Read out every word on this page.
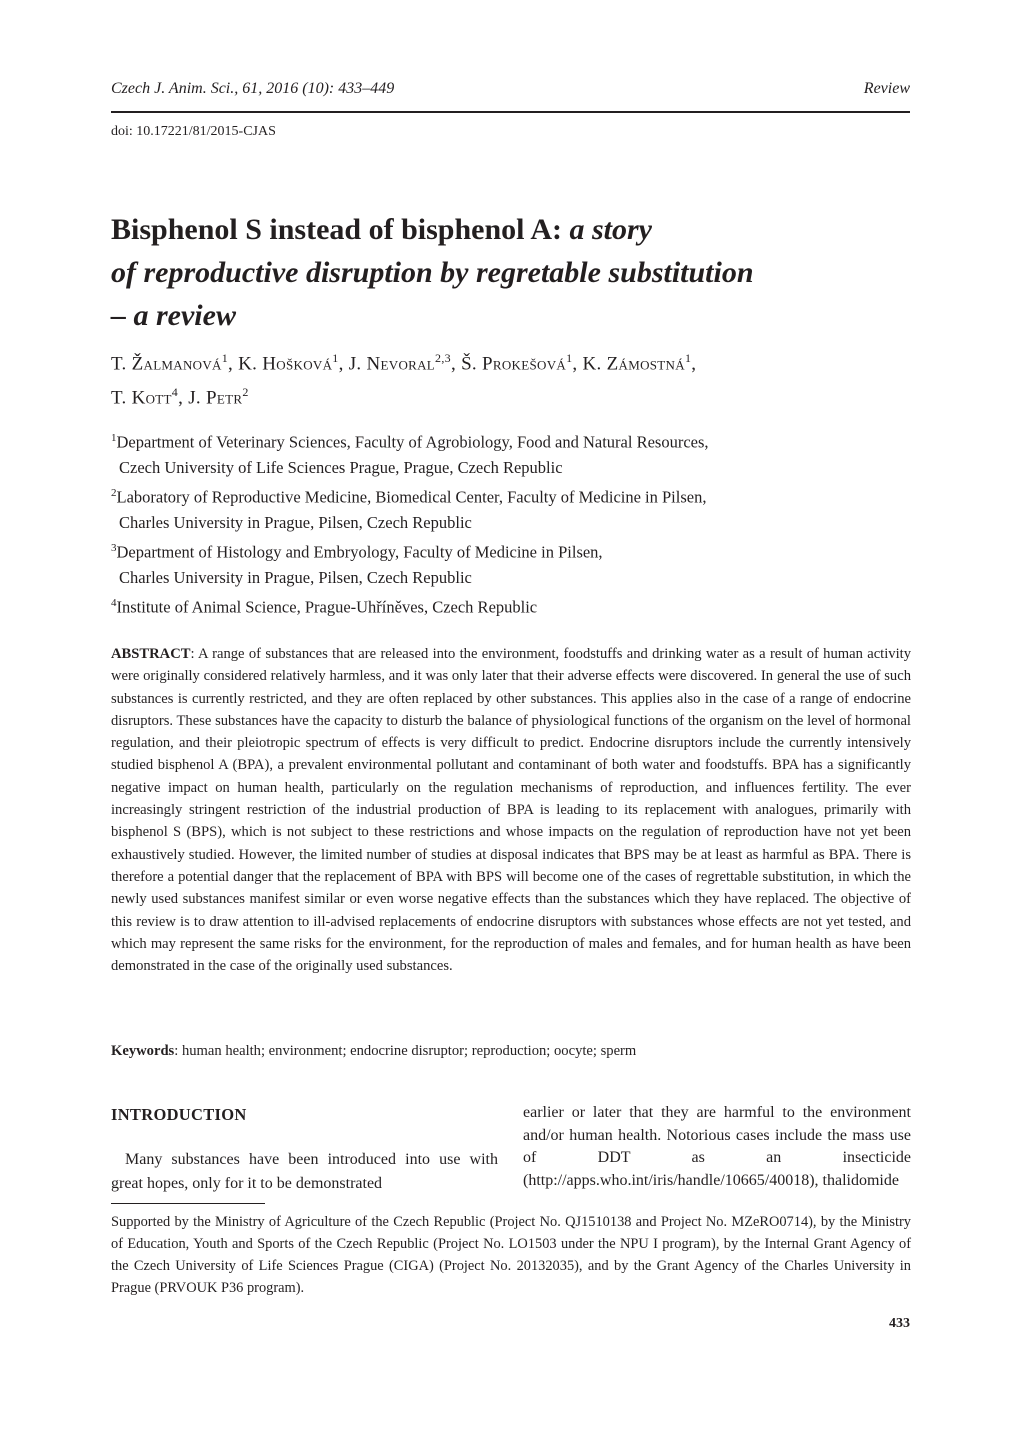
Czech J. Anim. Sci., 61, 2016 (10): 433–449	Review
doi: 10.17221/81/2015-CJAS
Bisphenol S instead of bisphenol A: a story
of reproductive disruption by regretable substitution
– a review
T. Žalmanová$^1$, K. Hošková$^1$, J. Nevoral$^{2,3}$, Š. Prokešová$^1$, K. Zámostná$^1$,
T. Kott$^4$, J. Petr$^2$
$^1$Department of Veterinary Sciences, Faculty of Agrobiology, Food and Natural Resources,
Czech University of Life Sciences Prague, Prague, Czech Republic
$^2$Laboratory of Reproductive Medicine, Biomedical Center, Faculty of Medicine in Pilsen,
Charles University in Prague, Pilsen, Czech Republic
$^3$Department of Histology and Embryology, Faculty of Medicine in Pilsen,
Charles University in Prague, Pilsen, Czech Republic
$^4$Institute of Animal Science, Prague-Uhříněves, Czech Republic
ABSTRACT: A range of substances that are released into the environment, foodstuffs and drinking water as a result of human activity were originally considered relatively harmless, and it was only later that their adverse effects were discovered. In general the use of such substances is currently restricted, and they are often replaced by other substances. This applies also in the case of a range of endocrine disruptors. These substances have the capacity to disturb the balance of physiological functions of the organism on the level of hormonal regulation, and their pleiotropic spectrum of effects is very difficult to predict. Endocrine disruptors include the currently intensively studied bisphenol A (BPA), a prevalent environmental pollutant and contaminant of both water and foodstuffs. BPA has a significantly negative impact on human health, particularly on the regulation mechanisms of reproduction, and influences fertility. The ever increasingly stringent restriction of the industrial production of BPA is leading to its replacement with analogues, primarily with bisphenol S (BPS), which is not subject to these restrictions and whose impacts on the regulation of reproduction have not yet been exhaustively studied. However, the limited number of studies at disposal indicates that BPS may be at least as harmful as BPA. There is therefore a potential danger that the replacement of BPA with BPS will become one of the cases of regrettable substitution, in which the newly used substances manifest similar or even worse negative effects than the substances which they have replaced. The objective of this review is to draw attention to ill-advised replacements of endocrine disruptors with substances whose effects are not yet tested, and which may represent the same risks for the environment, for the reproduction of males and females, and for human health as have been demonstrated in the case of the originally used substances.
Keywords: human health; environment; endocrine disruptor; reproduction; oocyte; sperm
INTRODUCTION

Many substances have been introduced into use with great hopes, only for it to be demonstrated

earlier or later that they are harmful to the environment and/or human health. Notorious cases include the mass use of DDT as an insecticide (http://apps.who.int/iris/handle/10665/40018), thalidomide

Supported by the Ministry of Agriculture of the Czech Republic (Project No. QJ1510138 and Project No. MZeRO0714), by the Ministry of Education, Youth and Sports of the Czech Republic (Project No. LO1503 under the NPU I program), by the Internal Grant Agency of the Czech University of Life Sciences Prague (CIGA) (Project No. 20132035), and by the Grant Agency of the Charles University in Prague (PRVOUK P36 program).
433
